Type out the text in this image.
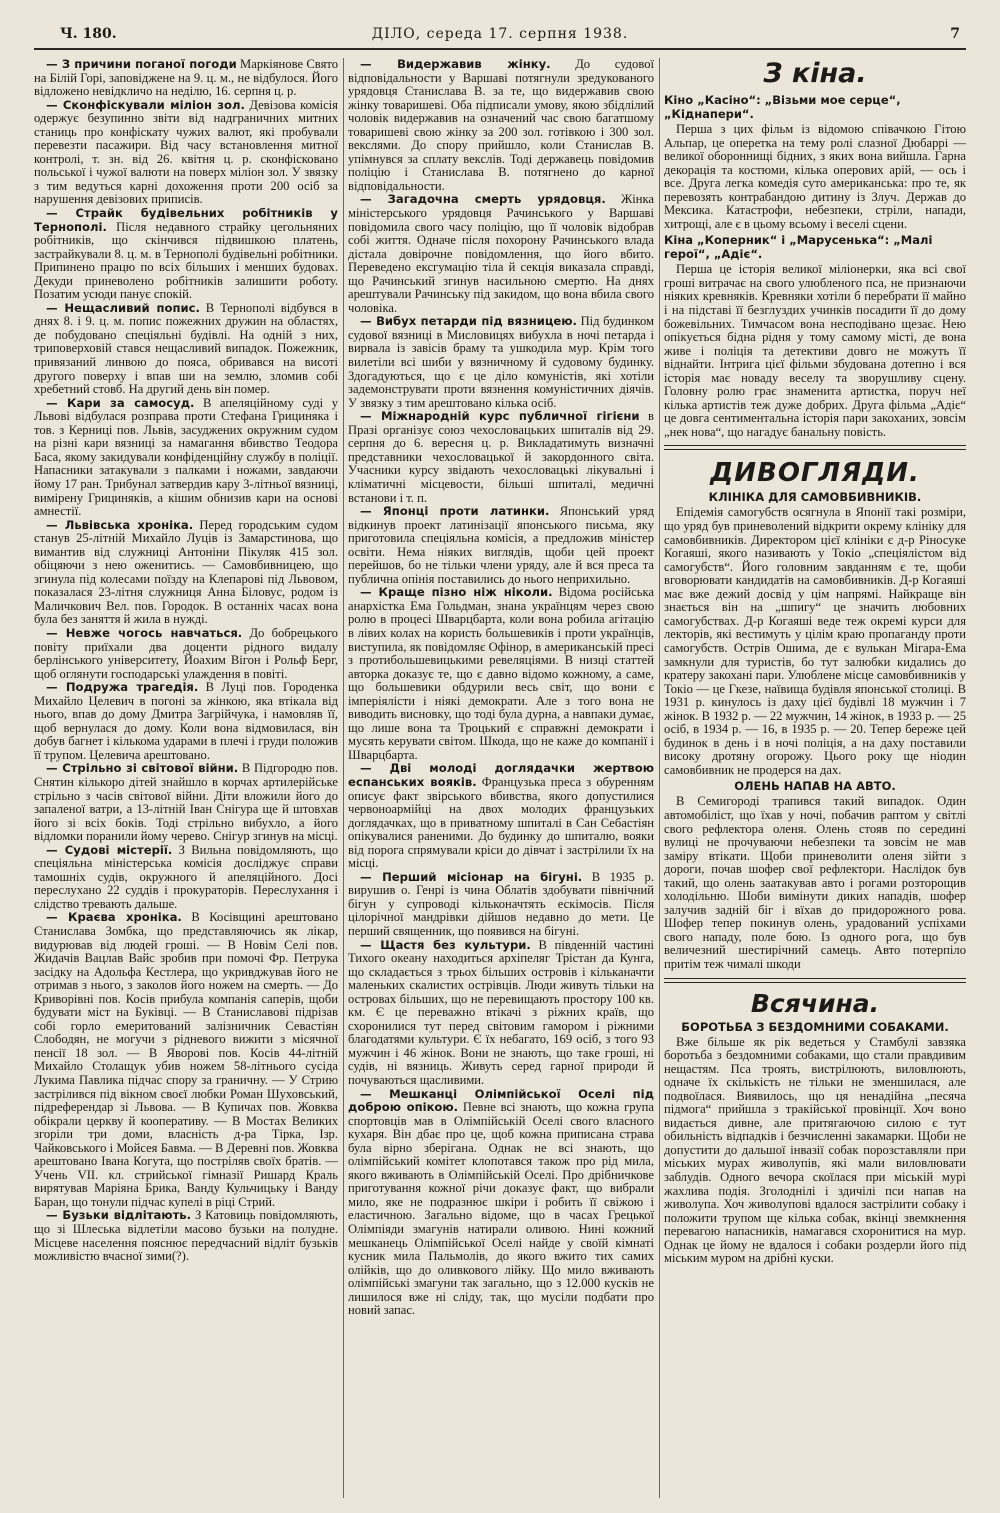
Ч. 180.	ДІЛО, середа 17. серпня 1938.	7

— З причини поганої погоди Маркіянове Свято на Білій Горі, заповіджене на 9. ц. м., не відбулося. Його відложено невідкличо на неділю, 16. серпня ц. р.

— Сконфіскували міліон зол. Девізова комісія одержує безупинно звіти від надграничних митних станиць про конфіскату чужих валют, які пробували перевезти пасажири. Від часу встановлення митної контролі, т. зн. від 26. квітня ц. р. сконфісковано польської і чужої валюти на поверх міліон зол. У звязку з тим ведуться карні дохоження проти 200 осіб за нарушення девізових приписів.

— Страйк будівельних робітників у Тернополі. Після недавного страйку цегольняних робітників, що скінчився підвишкою платень, застрайкували 8. ц. м. в Тернополі будівельні робітники. Припинено працю по всіх більших і менших будовах. Декуди приневолено робітників залишити роботу. Позатим усюди панує спокій.

— Нещасливий попис. В Тернополі відбувся в днях 8. і 9. ц. м. попис пожежних дружин на областях, де побудовано спеціяльні будівлі. На одній з них, триповерховій стався нещасливий випадок. Пожежник, привязаний линвою до пояса, обривався на висоті другого поверху і впав ши на землю, зломив собі хребетний стовб. На другий день він помер.

— Кари за самосуд. В апеляційному суді у Львові відбулася розправа проти Стефана Грициняка і тов. з Керниці пов. Львів, засуджених окружним судом на різні кари вязниці за намагання вбивство Теодора Баса, якому закидували конфіденційну службу в поліції. Напасники затакували з палками і ножами, завдаючи йому 17 ран. Трибунал затвердив кару 3-літньої вязниці, вимірену Грициняків, а кішим обнизив кари на основі амнестії.

— Львівська хроніка. Перед городським судом станув 25-літній Михайло Луців із Замарстинова, що вимантив від служниці Антоніни Пікуляк 415 зол. обіцяючи з нею оженитись. — Самовбивницею, що згинула під колесами поїзду на Клепарові під Львовом, показалася 23-літня служниця Анна Біловус, родом із Маличкович Вел. пов. Городок. В останніх часах вона була без заняття й жила в нужді.

— Невже чогось навчаться. До бобрецького повіту приїхали два доценти рідного видалу берлінського університету, Йоахим Вігон і Рольф Берг, щоб оглянути господарські улаждення в повіті.

— Подружа трагедія. В Луці пов. Городенка Михайло Целевич в погоні за жінкою, яка втікала від нього, впав до дому Дмитра Загрійчука, і намовляв її, щоб вернулася до дому. Коли вона відмовилася, він добув багнет і кількома ударами в плечі і груди положив її трупом. Целевича арештовано.

— Стрільно зі світової війни. В Підгородю пов. Снятин кількоро дітей знайшло в корчах артилерійське стрільно з часів світової війни. Діти вложили його до запаленої ватри, а 13-літній Іван Снігура ще й штовхав його зі всіх боків. Тоді стрільно вибухло, а його відломки поранили йому черево. Снігур згинув на місці.

— Судові містерії. З Вильна повідомляють, що спеціяльна міністерська комісія досліджує справи тамошніх судів, окружного й апеляційного. Досі переслухано 22 суддів і прокураторів. Переслухання і слідство тревають дальше.

— Краєва хроніка. В Косівщині арештовано Станислава Зомбка, що представляючись як лікар, видурював від людей гроші. — В Новім Селі пов. Жидачів Вацлав Вайс зробив при помочі Фр. Петрука засідку на Адольфа Кестлера, що укривджував його не отримав з нього, з заколов його ножем на смерть. — До Криворівні пов. Косів прибула компанія саперів, щоби будувати міст на Буківці. — В Станиславові підрізав собі горло емеритований залізничник Севастіян Слободян, не могучи з рідневого вижити з місячної пенсії 18 зол. — В Яворові пов. Косів 44-літній Михайло Столащук убив ножем 58-літнього сусіда Лукима Павлика підчас спору за граничну. — У Стрию застрілився під вікном своєї любки Роман Шуховський, підреферендар зі Львова. — В Купичах пов. Жовква обікрали церкву й кооперативу. — В Мостах Великих згоріли три доми, власність д-ра Тірка, Ізр. Чайковського і Мойсея Бавма. — В Деревні пов. Жовква арештовано Івана Когута, що постріляв своїх братів. — Учень VII. кл. стрийської гімназії Ришард Краль вирятував Маріяна Брика, Ванду Кульчицьку і Ванду Баран, що тонули підчас купелі в ріці Стрий.

— Бузьки відлітають. З Катовиць повідомляють, що зі Шлеська відлетіли масово бузьки на полудне. Місцеве населення пояснює передчасний відліт бузьків можливістю вчасної зими(?).

— Видержавив жінку. До судової відповідальности у Варшаві потягнули зредукованого урядовця Станислава В. за те, що видержавив свою жінку товаришеві. Оба підписали умову, якою збідлілий чоловік видержавив на означений час свою багатшому товаришеві свою жінку за 200 зол. готівкою і 300 зол. векслями. До спору прийшло, коли Станислав В. упімнувся за сплату векслів. Тоді державець повідомив поліцію і Станислава В. потягнено до карної відповідальности.

— Загадочна смерть урядовця. Жінка міністерського урядовця Рачинського у Варшаві повідомила свого часу поліцію, що її чоловік відобрав собі життя. Одначе після похорону Рачинського влада дістала довірочне повідомлення, що його вбито. Переведено ексгумацію тіла й секція виказала справді, що Рачинський згинув насильною смертю. На днях арештували Рачинську під закидом, що вона вбила свого чоловіка.

— Вибух петарди під вязницею. Під будинком судової вязниці в Мисловицях вибухла в ночі петарда і вирвала із завісів браму та ушкодила мур. Крім того вилетіли всі шиби у вязничному й судовому будинку. Здогадуються, що є це діло комуністів, які хотіли задемонструвати проти вязнення комуністичних діячів. У звязку з тим арештовано кілька осіб.

— Міжнародній курс публичної гігієни в Празі організує союз чехословацьких шпиталів від 29. серпня до 6. вересня ц. р. Викладатимуть визначні представники чехословацької й закордонного світа. Учасники курсу звідають чехословацькі лікувальні і кліматичні місцевости, більші шпиталі, медичні встанови і т. п.

— Японці проти латинки. Японський уряд відкинув проект латинізації японського письма, яку приготовила спеціяльна комісія, а предложив міністер освіти. Нема ніяких виглядів, щоби цей проект перейшов, бо не тільки члени уряду, але й вся преса та публична опінія поставились до нього неприхильно.

— Краще пізно ніж ніколи. Відома російська анархістка Ема Гольдман, знана українцям через свою ролю в процесі Шварцбарта, коли вона робила агітацію в лівих колах на користь большевиків і проти українців, виступила, як повідомляє Офінор, в американській пресі з протибольшевицькими ревеляціями. В низці статтей авторка доказує те, що є давно відомо кожному, а саме, що большевики обдурили весь світ, що вони є імперіялісти і ніякі демократи. Але з того вона не виводить висновку, що тоді була дурна, а навпаки думає, що лише вона та Троцький є справжні демократи і мусять керувати світом. Шкода, що не каже до компанії і Шварцбарта.

— Дві молоді доглядачки жертвою еспанських вояків. Французька преса з обуренням описує факт звірського вбивства, якого допустилися червоноармійці на двох молодих французьких доглядачках, що в приватному шпиталі в Сан Себастіян опікувалися раненими. До будинку до шпиталю, вояки від порога спрямували кріси до дівчат і застрілили їх на місці.

— Перший місіонар на бігуні. В 1935 р. вирушив о. Генрі із чина Облатів здобувати північний бігун у супроводі кільконачтять ескімосів. Після цілорічної мандрівки дійшов недавно до мети. Це перший священник, що появився на бігуні.

— Щастя без культури. В південній частині Тихого океану находиться архіпеляг Трістан да Кунга, що складається з трьох більших островів і кільканачти маленьких скалистих острівців. Люди живуть тільки на островах більших, що не перевищають простору 100 кв. км. Є це переважно втікачі з ріжних країв, що схоронилися тут перед світовим гамором і ріжними благодатями культури. Є їх небагато, 169 осіб, з того 93 мужчин і 46 жінок. Вони не знають, що таке гроші, ні судів, ні вязниць. Живуть серед гарної природи й почуваються щасливими.

— Мешканці Олімпійської Оселі під доброю опікою. Певне всі знають, що кожна група спортовців мав в Олімпійській Оселі свого власного кухаря. Він дбає про це, щоб кожна приписана страва була вірно зберігана. Однак не всі знають, що олімпійський комітет клопотався також про рід мила, якого вживають в Олімпійській Оселі. Про дрібничкове приготування кожної річи доказує факт, що вибрали мило, яке не подразнює шкіри і робить її свіжою і еластичною. Загально відоме, що в часах Грецької Олімпіяди змагунів натирали оливою. Нині кожний мешканець Олімпійської Оселі найде у своїй кімнаті кусник мила Пальмолів, до якого вжито тих самих олійків, що до оливкового лійку. Що мило вживають олімпійські змагуни так загально, що з 12.000 кусків не лишилося вже ні сліду, так, що мусіли подбати про новий запас.

З кіна.
Кіно „Касіно“: „Візьми мое серце“, „Кіднапери“.

Перша з цих фільм із відомою співачкою Гітою Альпар, це оперетка на тему ролі слазної Дюбаррі — великої обороннищі бідних, з яких вона вийшла. Гарна декорація та костюми, кілька оперових арій, — ось і все. Друга легка комедія суто американська: про те, як перевозять контрабандою дитину із Злуч. Держав до Мексика. Катастрофи, небезпеки, стріли, напади, хитрощі, але є в цьому всьому і веселі сцени.

Кіна „Коперник“ і „Марусенька“: „Малі герої“, „Адіє“.

Перша це історія великої міліонерки, яка всі свої гроші витрачає на свого улюбленого пса, не признаючи ніяких кревняків. Кревняки хотіли б перебрати її майно і на підставі її безглуздих учинків посадити її до дому божевільних. Тимчасом вона несподівано щезає. Нею опікується бідна рідня у тому самому місті, де вона живе і поліція та детективи довго не можуть її віднайти. Інтрига цієї фільми збудована дотепно і вся історія має новаду веселу та зворушливу сцену. Головну ролю грає знаменита артистка, поруч неї кілька артистів теж дуже добрих. Друга фільма „Адіє“ це довга сентиментальна історія пари закоханих, зовсім „нек нова“, що нагадує банальну повість.

ДИВОГЛЯДИ.
КЛІНІКА ДЛЯ САМОВБИВНИКІВ.

Епідемія самогубств осягнула в Японії такі розміри, що уряд був приневолений відкрити окрему клініку для самовбивників. Директором цієї клініки є д-р Ріносуке Когаяші, якого називають у Токіо „спеціялістом від самогубств“. Його головним завданням є те, щоби вговорювати кандидатів на самовбивників. Д-р Когаяші має вже дежий досвід у цім напрямі. Найкраще він знається він на „шпигу“ це значить любовних самогубствах. Д-р Когаяші веде теж окремі курси для лекторів, які вестимуть у цілім краю пропаганду проти самогубств. Острів Ошима, де є вулькан Мігара-Ема замкнули для туристів, бо тут залюбки кидались до кратеру закохані пари. Улюблене місце самовбивників у Токіо — це Гкезе, наївища будівля японської столиці. В 1931 р. кинулось із даху цієї будівлі 18 мужчин і 7 жінок. В 1932 р. — 22 мужчин, 14 жінок, в 1933 р. — 25 осіб, в 1934 р. — 16, в 1935 р. — 20. Тепер береже цей будинок в день і в ночі поліція, а на даху поставили високу дротяну огорожу. Цього року ще ніодин самовбивник не продерся на дах.

ОЛЕНЬ НАПАВ НА АВТО.

В Семигороді трапився такий випадок. Один автомобіліст, що їхав у ночі, побачив раптом у світлі свого рефлектора оленя. Олень стояв по середині вулиці не прочуваючи небезпеки та зовсім не мав заміру втікати. Щоби приневолити оленя зійти з дороги, почав шофер свої рефлектори. Наслідок був такий, що олень заатакував авто і рогами розторощив холодільню. Шоби вимінути диких нападів, шофер залучив задній біг і вїхав до придорожного рова. Шофер тепер покинув олень, урадований успіхами свого нападу, поле бою. Із одного рога, що був величезний шестирічний самець. Авто потерпіло притім теж чималі шкоди

Всячина.
БОРОТЬБА З БЕЗДОМНИМИ СОБАКАМИ.

Вже більше як рік ведеться у Стамбулі завзяка боротьба з бездомними собаками, що стали правдивим нещастям. Пса троять, вистрілюють, виловлюють, одначе їх скількість не тільки не зменшилася, але подвоїлася. Виявилось, що ця ненадійна „песяча підмога“ прийшла з тракійської провінції. Хоч воно видається дивне, але притягаючою силою є тут обильність відпадків і безчисленні закамарки. Щоби не допустити до дальшої інвазії собак порозставляли при міських мурах живолупів, які мали виловлювати заблудів. Одного вечора скоїлася при міській мурі жахлива подія. Зголоднілі і здичілі пси напав на живолупа. Хоч живолупові вдалося застрілити собаку і положити трупом ще кілька собак, вкінці звемкнення перевагою напасників, намагався схоронитися на мур. Однак це йому не вдалося і собаки роздерли його під міським муром на дрібні куски.
